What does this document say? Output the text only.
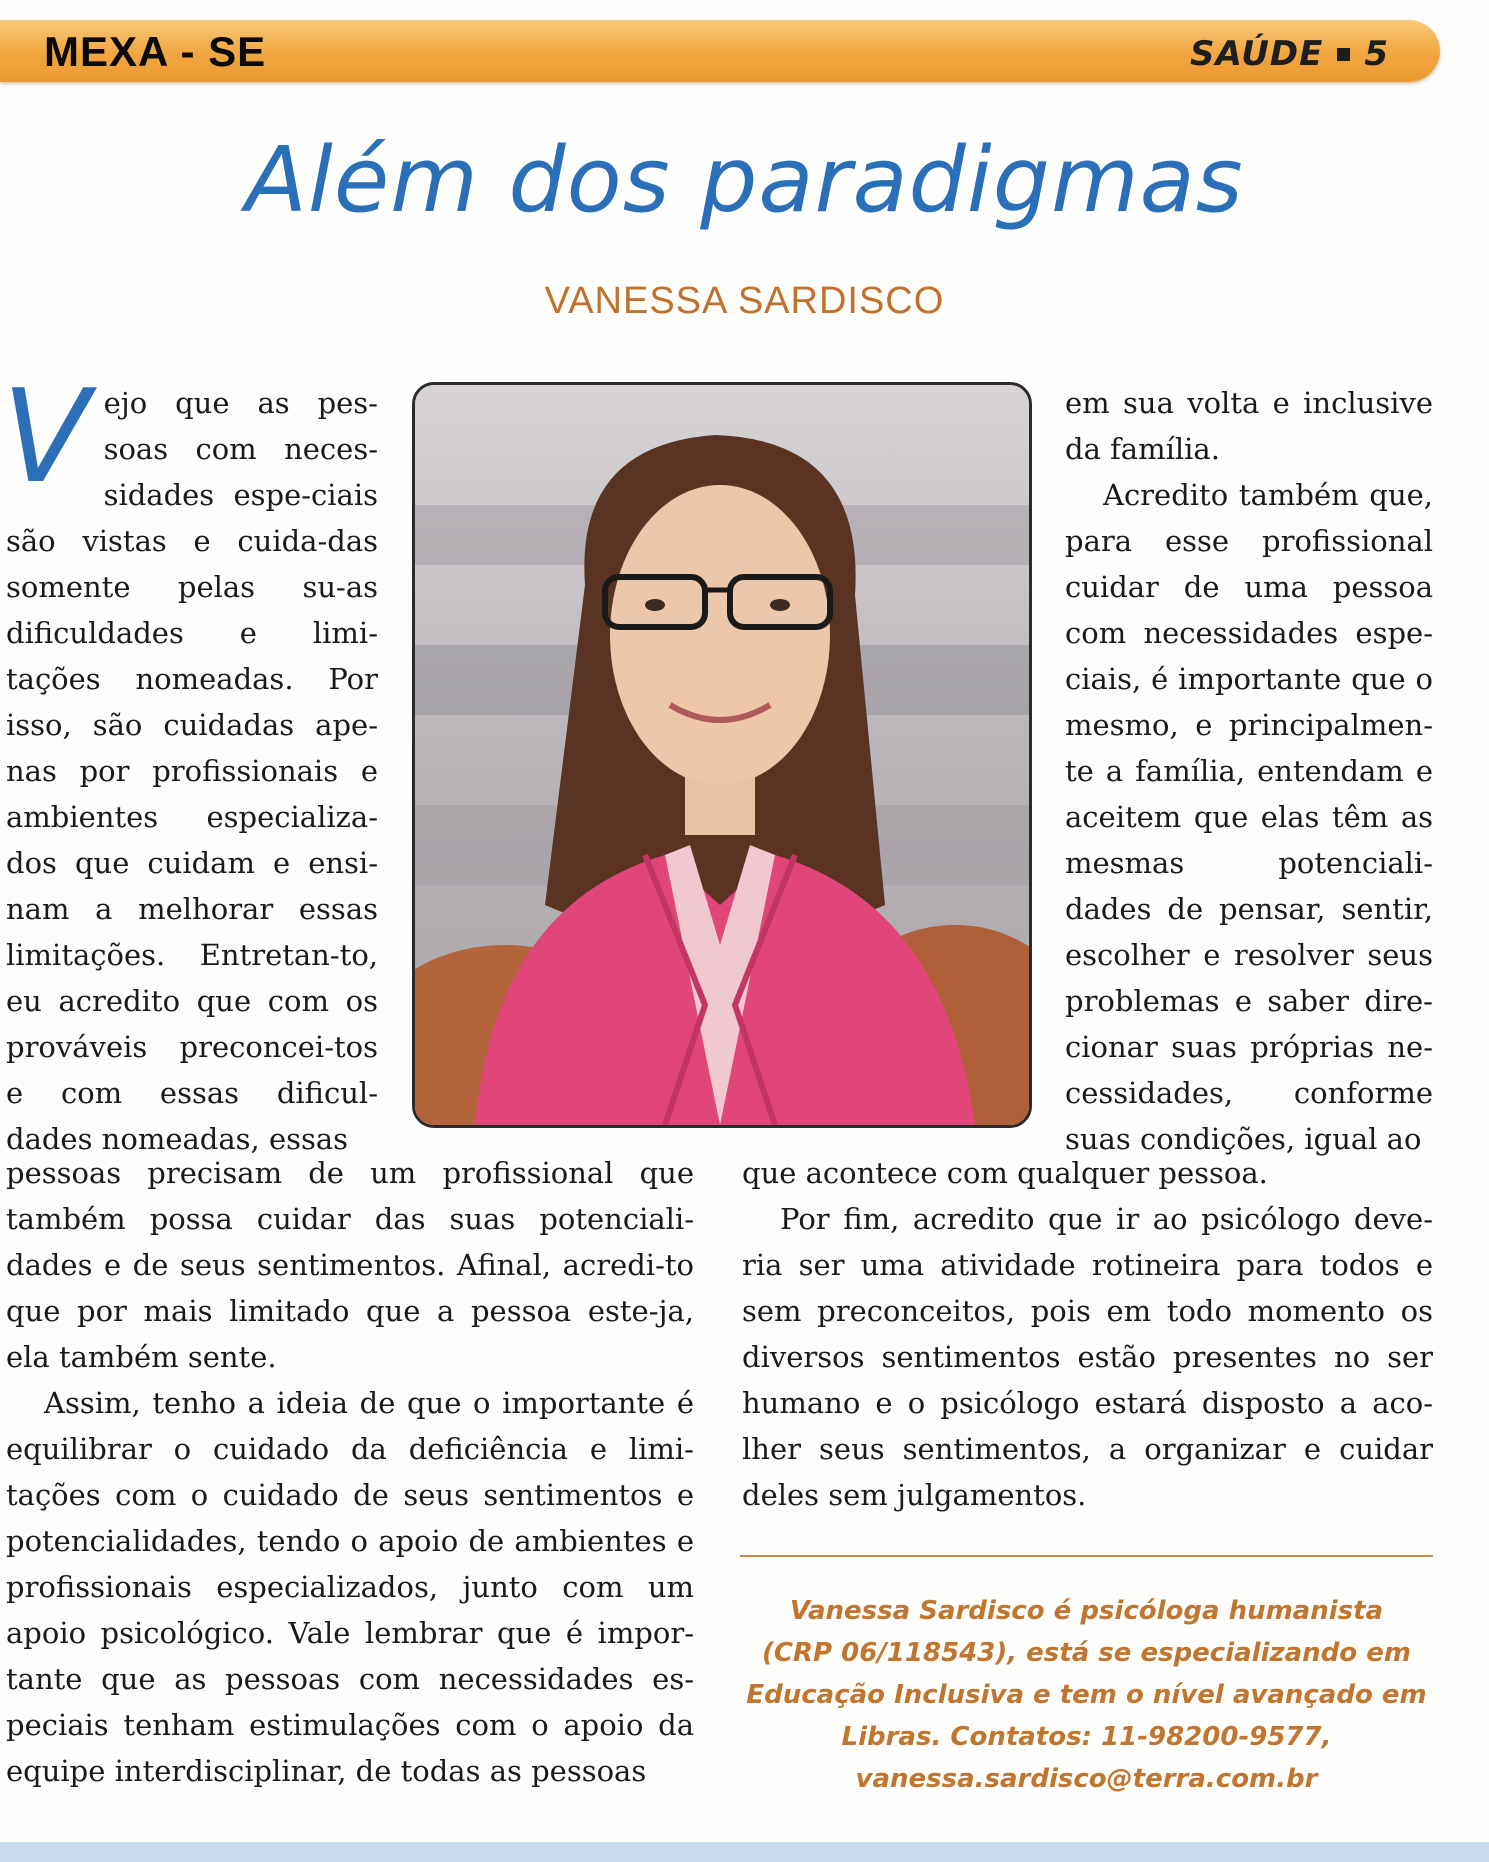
MEXA - SE	SAÚDE 5
Além dos paradigmas
VANESSA SARDISCO

Vejo que as pes-soas com neces-sidades espe-ciais são vistas e cuida-das somente pelas su-as dificuldades e limi-tações nomeadas. Por isso, são cuidadas ape-nas por profissionais e ambientes especializa-dos que cuidam e ensi-nam a melhorar essas limitações. Entretan-to, eu acredito que com os prováveis preconcei-tos e com essas dificul-dades nomeadas, essas

pessoas precisam de um profissional que também possa cuidar das suas potenciali-dades e de seus sentimentos. Afinal, acredi-to que por mais limitado que a pessoa este-ja, ela também sente.

Assim, tenho a ideia de que o importante é equilibrar o cuidado da deficiência e limi-tações com o cuidado de seus sentimentos e potencialidades, tendo o apoio de ambientes e profissionais especializados, junto com um apoio psicológico. Vale lembrar que é impor-tante que as pessoas com necessidades es-peciais tenham estimulações com o apoio da equipe interdisciplinar, de todas as pessoas

em sua volta e inclusive da família.

Acredito também que, para esse profissional cuidar de uma pessoa com necessidades espe-ciais, é importante que o mesmo, e principalmen-te a família, entendam e aceitem que elas têm as mesmas potenciali-dades de pensar, sentir, escolher e resolver seus problemas e saber dire-cionar suas próprias ne-cessidades, conforme suas condições, igual ao

que acontece com qualquer pessoa.

Por fim, acredito que ir ao psicólogo deve-ria ser uma atividade rotineira para todos e sem preconceitos, pois em todo momento os diversos sentimentos estão presentes no ser humano e o psicólogo estará disposto a aco-lher seus sentimentos, a organizar e cuidar deles sem julgamentos.

Vanessa Sardisco é psicóloga humanista
(CRP 06/118543), está se especializando em
Educação Inclusiva e tem o nível avançado em
Libras. Contatos: 11-98200-9577,
vanessa.sardisco@terra.com.br
